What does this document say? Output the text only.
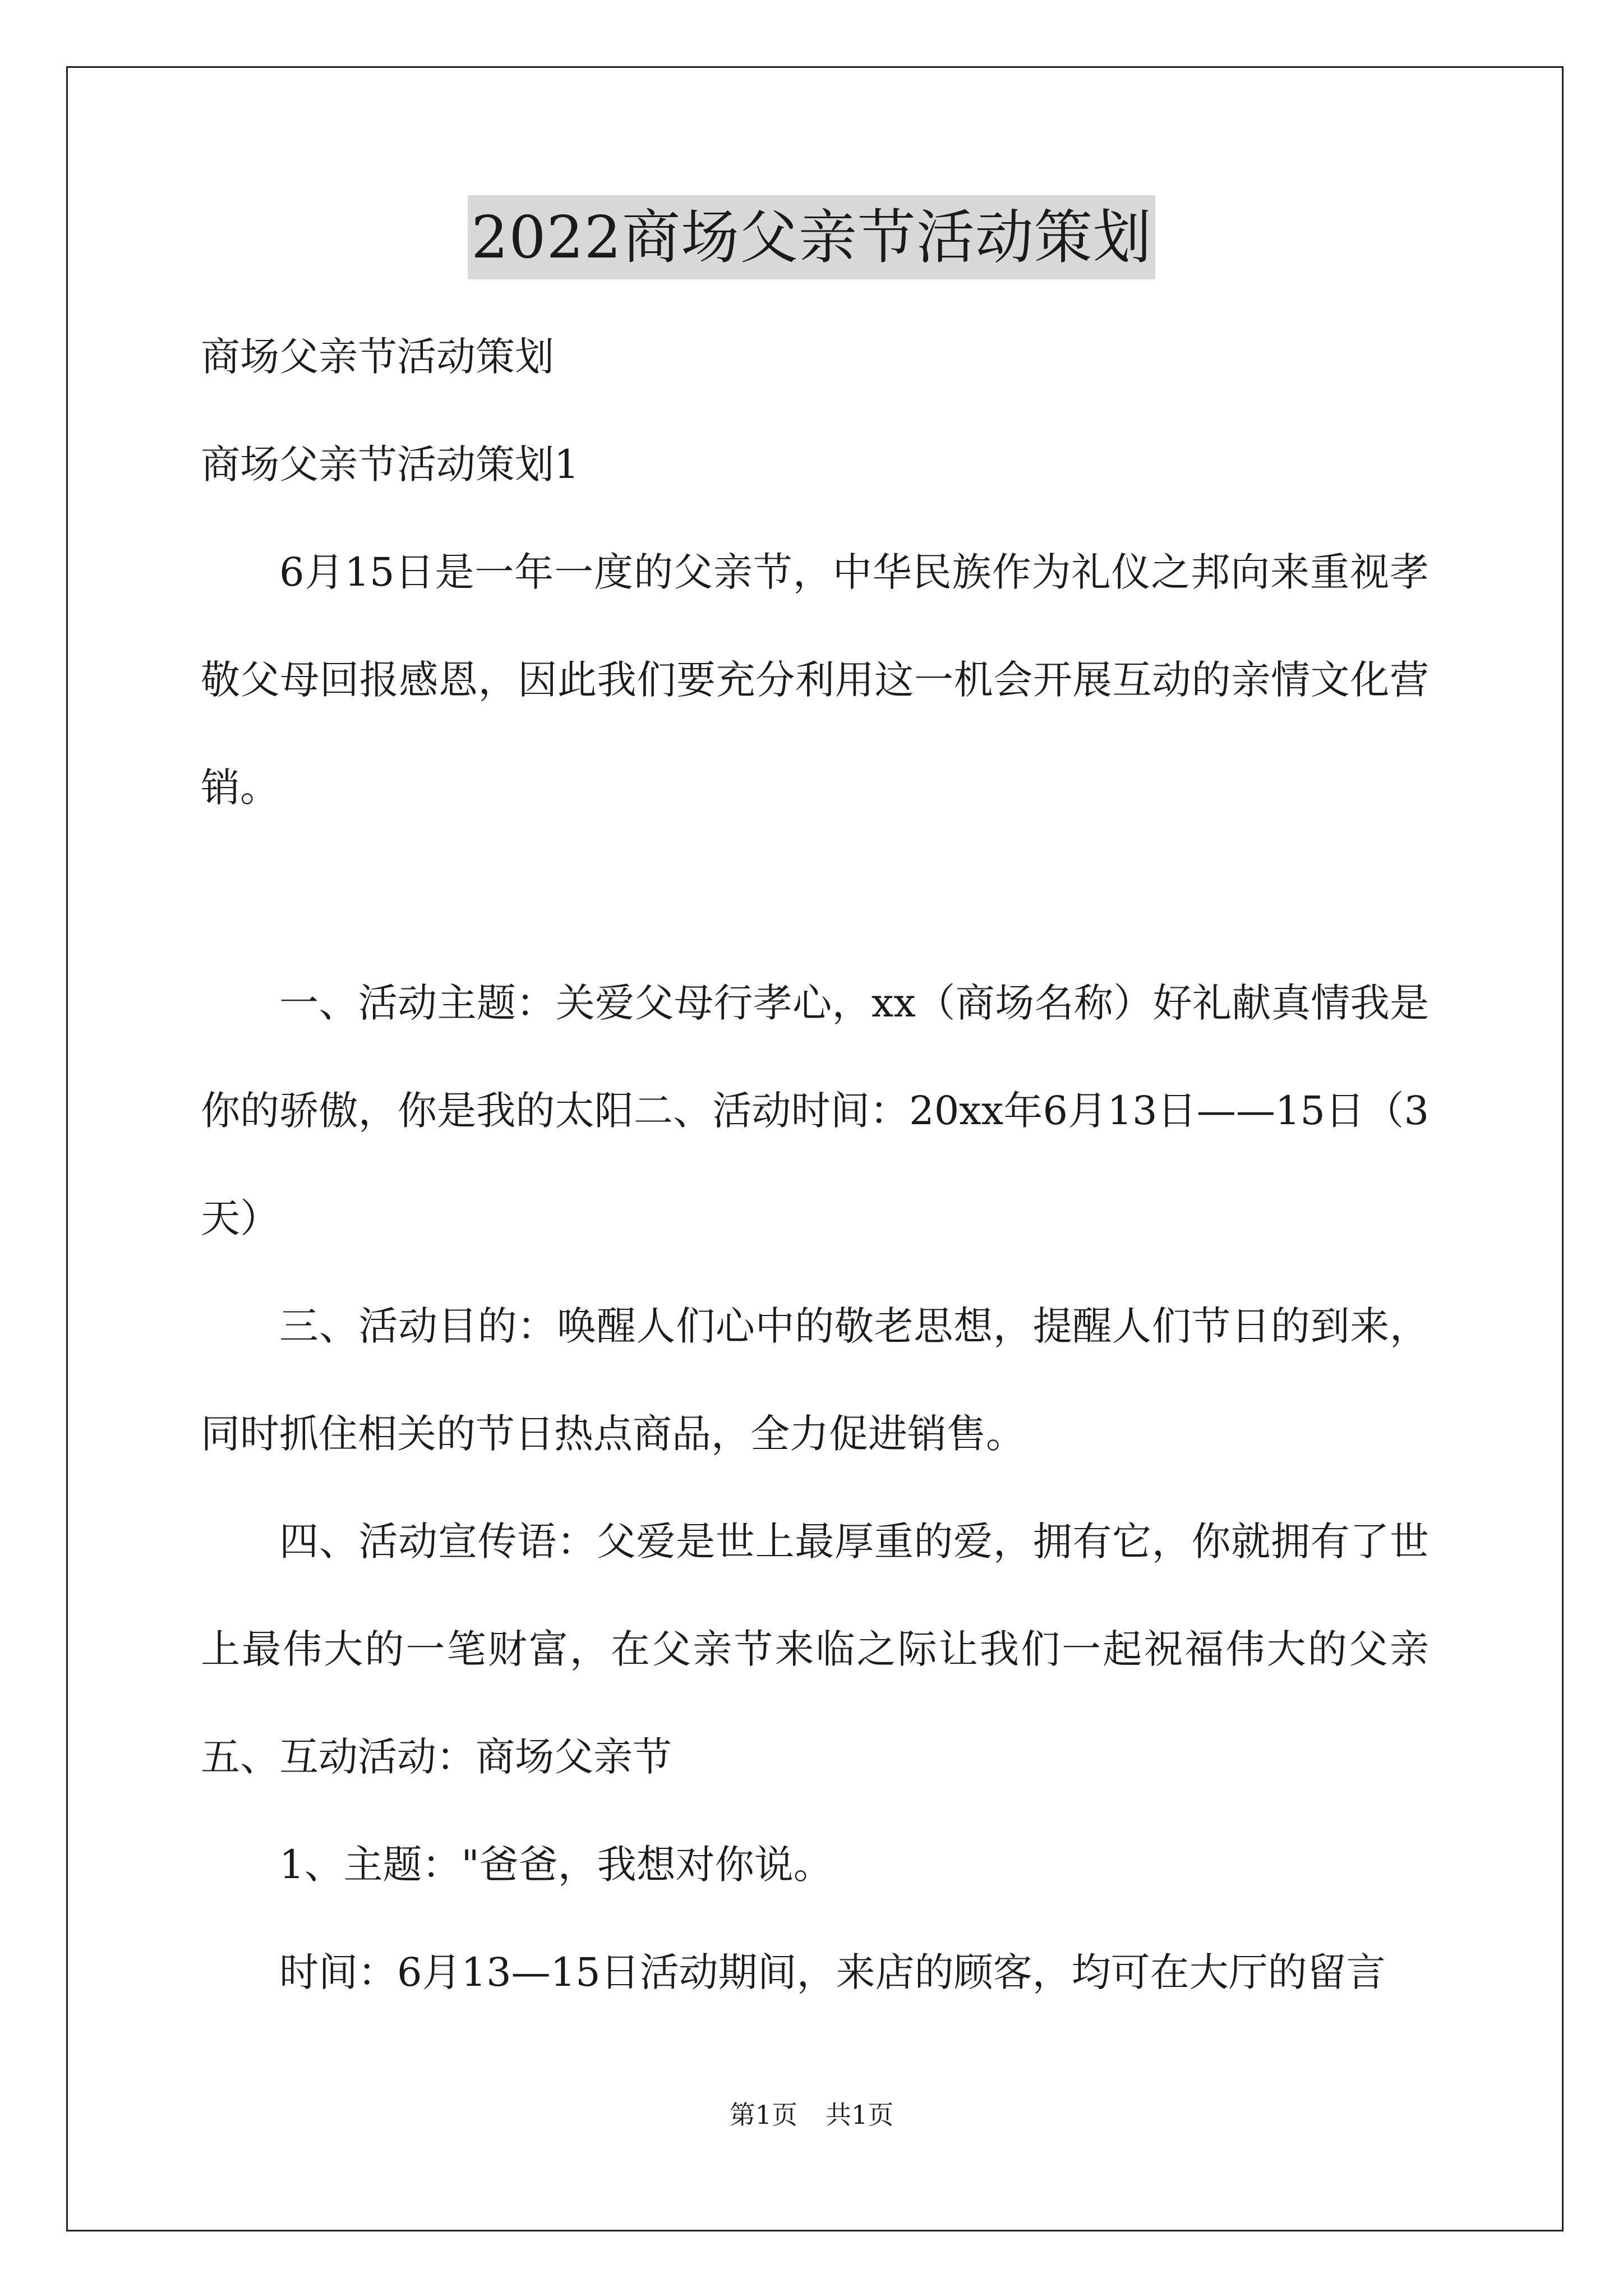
2022商场父亲节活动策划

商场父亲节活动策划

商场父亲节活动策划1

6月15日是一年一度的父亲节，中华民族作为礼仪之邦向来重视孝敬父母回报感恩，因此我们要充分利用这一机会开展互动的亲情文化营销。

一、活动主题：关爱父母行孝心，xx（商场名称）好礼献真情我是你的骄傲，你是我的太阳二、活动时间：20xx年6月13日——15日（3天）

三、活动目的：唤醒人们心中的敬老思想，提醒人们节日的到来，同时抓住相关的节日热点商品，全力促进销售。

四、活动宣传语：父爱是世上最厚重的爱，拥有它，你就拥有了世上最伟大的一笔财富，在父亲节来临之际让我们一起祝福伟大的父亲五、互动活动：商场父亲节

1、主题："爸爸，我想对你说。

时间：6月13—15日活动期间，来店的顾客，均可在大厅的留言

第1页 共1页
